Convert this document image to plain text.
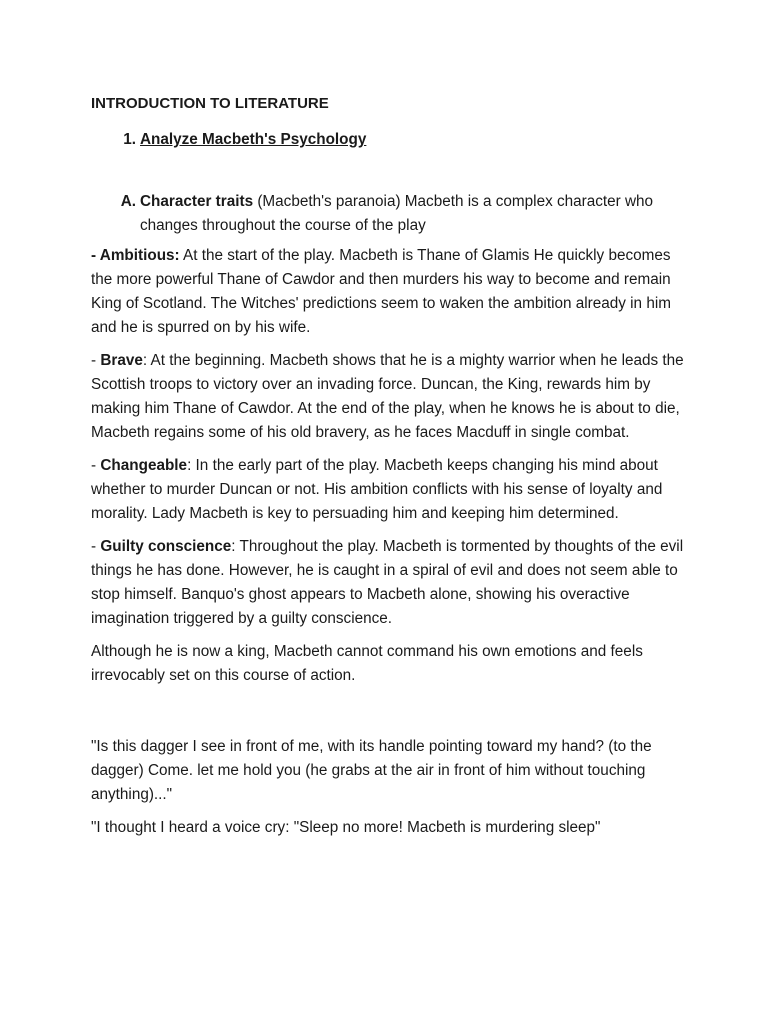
INTRODUCTION TO LITERATURE
1. Analyze Macbeth's Psychology
A. Character traits (Macbeth's paranoia) Macbeth is a complex character who changes throughout the course of the play

- Ambitious: At the start of the play. Macbeth is Thane of Glamis He quickly becomes the more powerful Thane of Cawdor and then murders his way to become and remain King of Scotland. The Witches' predictions seem to waken the ambition already in him and he is spurred on by his wife.

- Brave: At the beginning. Macbeth shows that he is a mighty warrior when he leads the Scottish troops to victory over an invading force. Duncan, the King, rewards him by making him Thane of Cawdor. At the end of the play, when he knows he is about to die, Macbeth regains some of his old bravery, as he faces Macduff in single combat.

- Changeable: In the early part of the play. Macbeth keeps changing his mind about whether to murder Duncan or not. His ambition conflicts with his sense of loyalty and morality. Lady Macbeth is key to persuading him and keeping him determined.

- Guilty conscience: Throughout the play. Macbeth is tormented by thoughts of the evil things he has done. However, he is caught in a spiral of evil and does not seem able to stop himself. Banquo's ghost appears to Macbeth alone, showing his overactive imagination triggered by a guilty conscience.

Although he is now a king, Macbeth cannot command his own emotions and feels irrevocably set on this course of action.

"Is this dagger I see in front of me, with its handle pointing toward my hand? (to the dagger) Come. let me hold you (he grabs at the air in front of him without touching anything)..."

"I thought I heard a voice cry: "Sleep no more! Macbeth is murdering sleep"
